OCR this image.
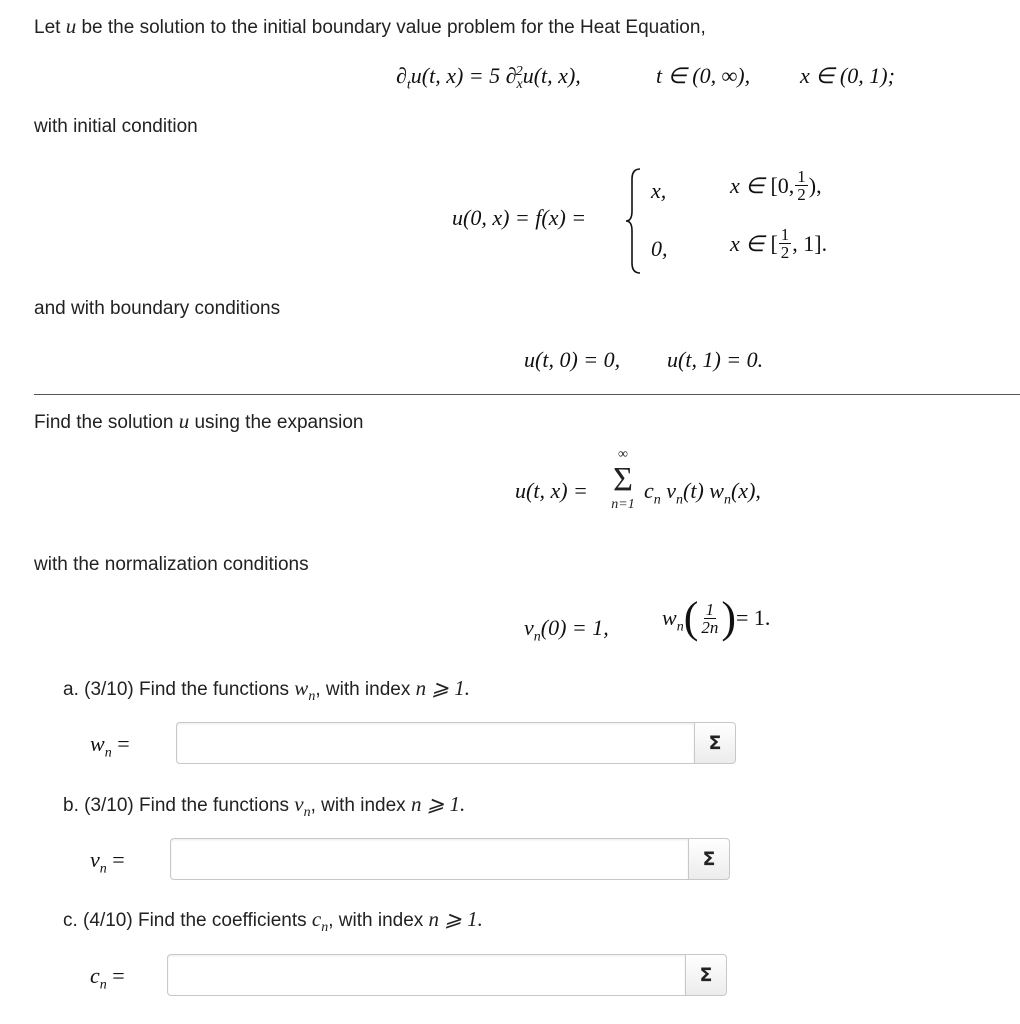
Let u be the solution to the initial boundary value problem for the Heat Equation,
$\partial_tu(t$, x) = 5 $\partial_x^2u(t$, x),	t ∈ (0, ∞), x ∈ (0, 1);
with initial condition
u(0, x) = f(x) =
x,	x ∈ [0, $\frac{1}{2}$ ) ,
0,	x ∈ [ $\frac{1}{2}$ , 1] .
and with boundary conditions
u(t, 0) = 0, u(t, 1) = 0.
Find the solution u using the expansion
u(t, x) =
∞
Σ
n=1
$c_n$ $v_n(t)$ $w_n(x)$,
with the normalization conditions
$v_n(0) = 1$, $w_n$ ( $\frac{1}{2n}$ ) = 1.
a. (3/10) Find the functions $w_n$, with index n ⩾ 1.
$w_n$ =	Σ
b. (3/10) Find the functions $v_n$, with index n ⩾ 1.
$v_n$ =	Σ
c. (4/10) Find the coefficients $c_n$, with index n ⩾ 1.
$c_n$ =	Σ
